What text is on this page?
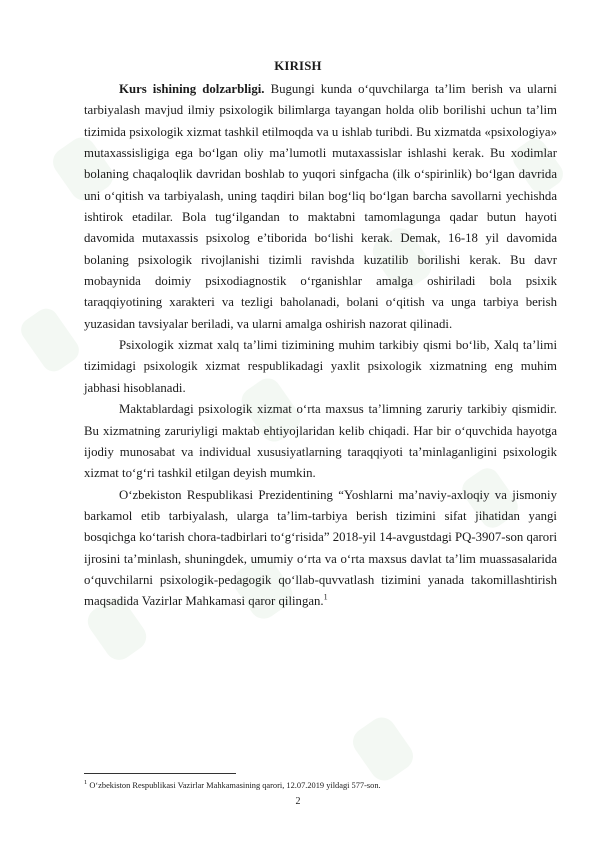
KIRISH

Kurs ishining dolzarbligi. Bugungi kunda o‘quvchilarga ta’lim berish va ularni tarbiyalash mavjud ilmiy psixologik bilimlarga tayangan holda olib borilishi uchun ta’lim tizimida psixologik xizmat tashkil etilmoqda va u ishlab turibdi. Bu xizmatda «psixologiya» mutaxassisligiga ega bo‘lgan oliy ma’lumotli mutaxassislar ishlashi kerak. Bu xodimlar bolaning chaqaloqlik davridan boshlab to yuqori sinfgacha (ilk o‘spirinlik) bo‘lgan davrida uni o‘qitish va tarbiyalash, uning taqdiri bilan bog‘liq bo‘lgan barcha savollarni yechishda ishtirok etadilar. Bola tug‘ilgandan to maktabni tamomlagunga qadar butun hayoti davomida mutaxassis psixolog e’tiborida bo‘lishi kerak. Demak, 16-18 yil davomida bolaning psixologik rivojlanishi tizimli ravishda kuzatilib borilishi kerak. Bu davr mobaynida doimiy psixodiagnostik o‘rganishlar amalga oshiriladi bola psixik taraqqiyotining xarakteri va tezligi baholanadi, bolani o‘qitish va unga tarbiya berish yuzasidan tavsiyalar beriladi, va ularni amalga oshirish nazorat qilinadi.

Psixologik xizmat xalq ta’limi tizimining muhim tarkibiy qismi bo‘lib, Xalq ta’limi tizimidagi psixologik xizmat respublikadagi yaxlit psixologik xizmatning eng muhim jabhasi hisoblanadi.

Maktablardagi psixologik xizmat o‘rta maxsus ta’limning zaruriy tarkibiy qismidir. Bu xizmatning zaruriyligi maktab ehtiyojlaridan kelib chiqadi. Har bir o‘quvchida hayotga ijodiy munosabat va individual xususiyatlarning taraqqiyoti ta’minlaganligini psixologik xizmat to‘g‘ri tashkil etilgan deyish mumkin.

O‘zbekiston Respublikasi Prezidentining “Yoshlarni ma’naviy-axloqiy va jismoniy barkamol etib tarbiyalash, ularga ta’lim-tarbiya berish tizimini sifat jihatidan yangi bosqichga ko‘tarish chora-tadbirlari to‘g‘risida” 2018-yil 14-avgustdagi PQ-3907-son qarori ijrosini ta’minlash, shuningdek, umumiy o‘rta va o‘rta maxsus davlat ta’lim muassasalarida o‘quvchilarni psixologik-pedagogik qo‘llab-quvvatlash tizimini yanada takomillashtirish maqsadida Vazirlar Mahkamasi qaror qilingan.$^1$

$^1$ O‘zbekiston Respublikasi Vazirlar Mahkamasining qarori, 12.07.2019 yildagi 577-son.
2
